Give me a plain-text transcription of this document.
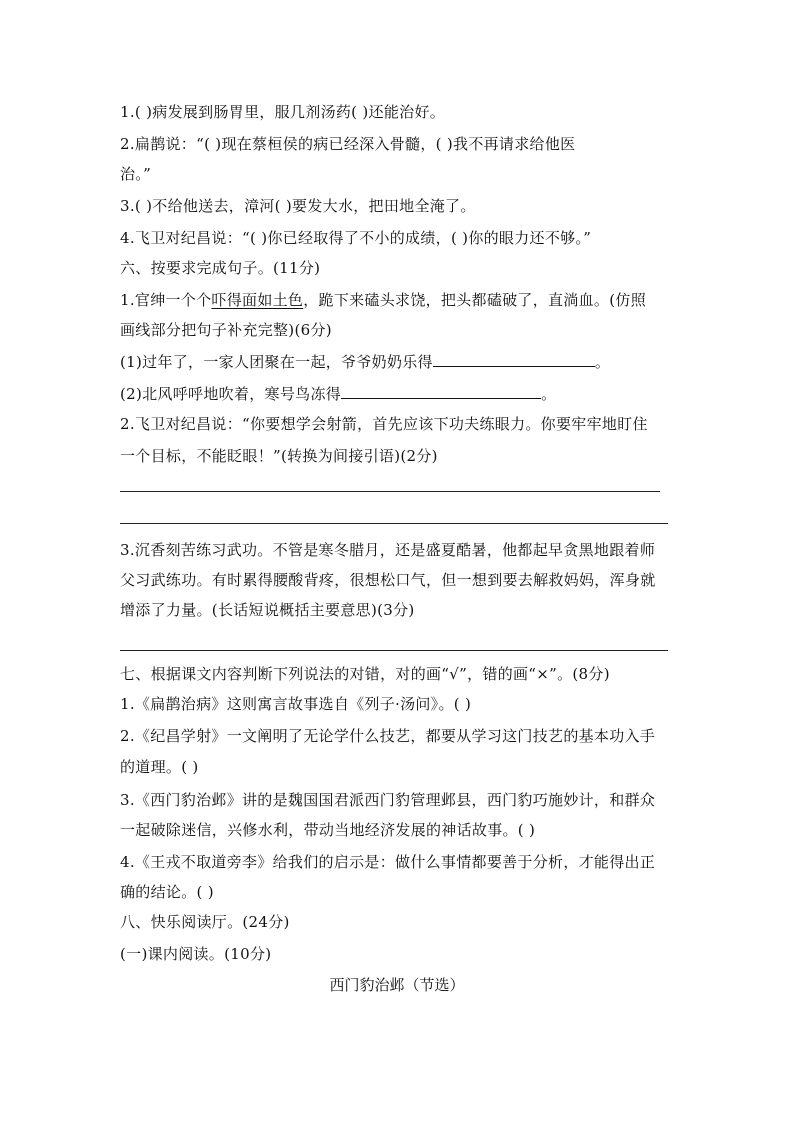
1.( )病发展到肠胃里，服几剂汤药( )还能治好。
2.扁鹊说：“( )现在蔡桓侯的病已经深入骨髓，( )我不再请求给他医
治。”
3.( )不给他送去，漳河( )要发大水，把田地全淹了。
4.飞卫对纪昌说：“( )你已经取得了不小的成绩，( )你的眼力还不够。”
六、按要求完成句子。(11分)
1.官绅一个个吓得面如土色，跪下来磕头求饶，把头都磕破了，直淌血。(仿照
画线部分把句子补充完整)(6分)
(1)过年了，一家人团聚在一起，爷爷奶奶乐得	。
(2)北风呼呼地吹着，寒号鸟冻得	。
2.飞卫对纪昌说：“你要想学会射箭，首先应该下功夫练眼力。你要牢牢地盯住
一个目标，不能眨眼！”(转换为间接引语)(2分)
3.沉香刻苦练习武功。不管是寒冬腊月，还是盛夏酷暑，他都起早贪黑地跟着师
父习武练功。有时累得腰酸背疼，很想松口气，但一想到要去解救妈妈，浑身就
增添了力量。(长话短说概括主要意思)(3分)
七、根据课文内容判断下列说法的对错，对的画“√”，错的画“×”。(8分)
1.《扁鹊治病》这则寓言故事选自《列子·汤问》。( )
2.《纪昌学射》一文阐明了无论学什么技艺，都要从学习这门技艺的基本功入手
的道理。( )
3.《西门豹治邺》讲的是魏国国君派西门豹管理邺县，西门豹巧施妙计，和群众
一起破除迷信，兴修水利，带动当地经济发展的神话故事。( )
4.《王戎不取道旁李》给我们的启示是：做什么事情都要善于分析，才能得出正
确的结论。( )
八、快乐阅读厅。(24分)
(一)课内阅读。(10分)
西门豹治邺（节选）
